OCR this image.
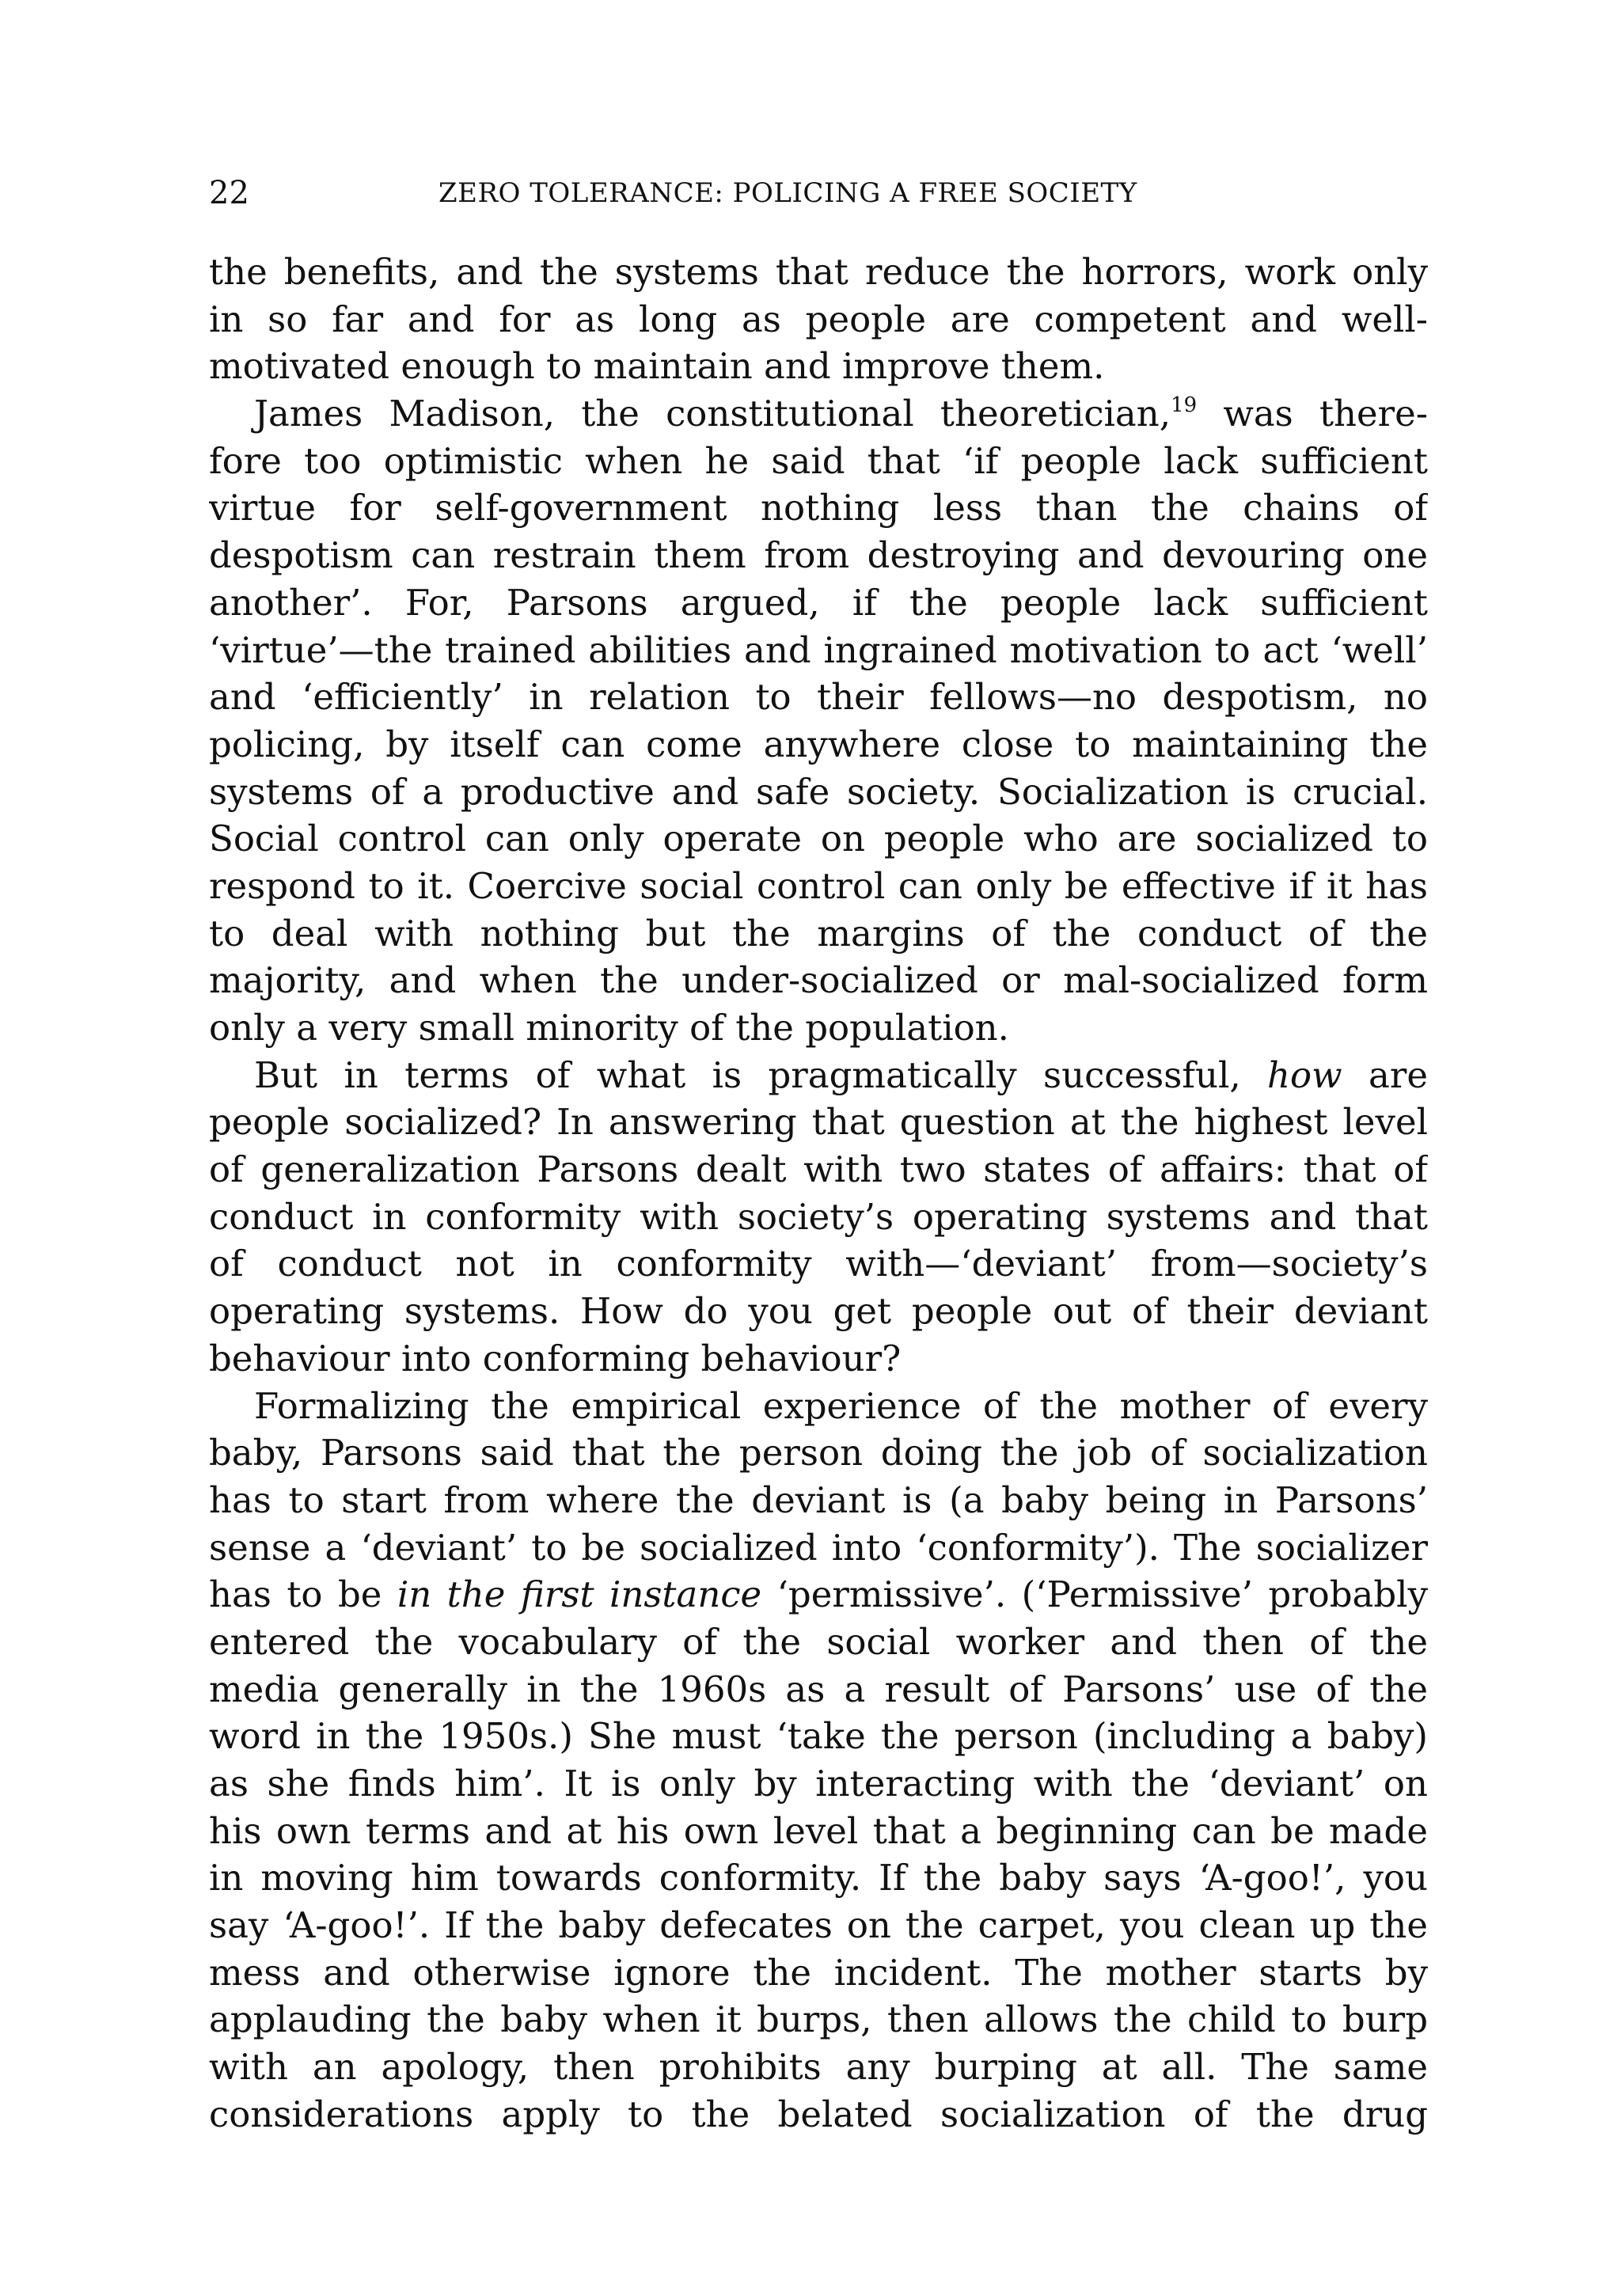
22	ZERO TOLERANCE: POLICING A FREE SOCIETY
the benefits, and the systems that reduce the horrors, work only
in so far and for as long as people are competent and well-
motivated enough to maintain and improve them.
James Madison, the constitutional theoretician,$^{19}$ was there-
fore too optimistic when he said that ‘if people lack sufficient
virtue for self-government nothing less than the chains of
despotism can restrain them from destroying and devouring one
another’. For, Parsons argued, if the people lack sufficient
‘virtue’—the trained abilities and ingrained motivation to act ‘well’
and ‘efficiently’ in relation to their fellows—no despotism, no
policing, by itself can come anywhere close to maintaining the
systems of a productive and safe society. Socialization is crucial.
Social control can only operate on people who are socialized to
respond to it. Coercive social control can only be effective if it has
to deal with nothing but the margins of the conduct of the
majority, and when the under-socialized or mal-socialized form
only a very small minority of the population.
But in terms of what is pragmatically successful, how are
people socialized? In answering that question at the highest level
of generalization Parsons dealt with two states of affairs: that of
conduct in conformity with society’s operating systems and that
of conduct not in conformity with—‘deviant’ from—society’s
operating systems. How do you get people out of their deviant
behaviour into conforming behaviour?
Formalizing the empirical experience of the mother of every
baby, Parsons said that the person doing the job of socialization
has to start from where the deviant is (a baby being in Parsons’
sense a ‘deviant’ to be socialized into ‘conformity’). The socializer
has to be in the first instance ‘permissive’. (‘Permissive’ probably
entered the vocabulary of the social worker and then of the
media generally in the 1960s as a result of Parsons’ use of the
word in the 1950s.) She must ‘take the person (including a baby)
as she finds him’. It is only by interacting with the ‘deviant’ on
his own terms and at his own level that a beginning can be made
in moving him towards conformity. If the baby says ‘A-goo!’, you
say ‘A-goo!’. If the baby defecates on the carpet, you clean up the
mess and otherwise ignore the incident. The mother starts by
applauding the baby when it burps, then allows the child to burp
with an apology, then prohibits any burping at all. The same
considerations apply to the belated socialization of the drug
